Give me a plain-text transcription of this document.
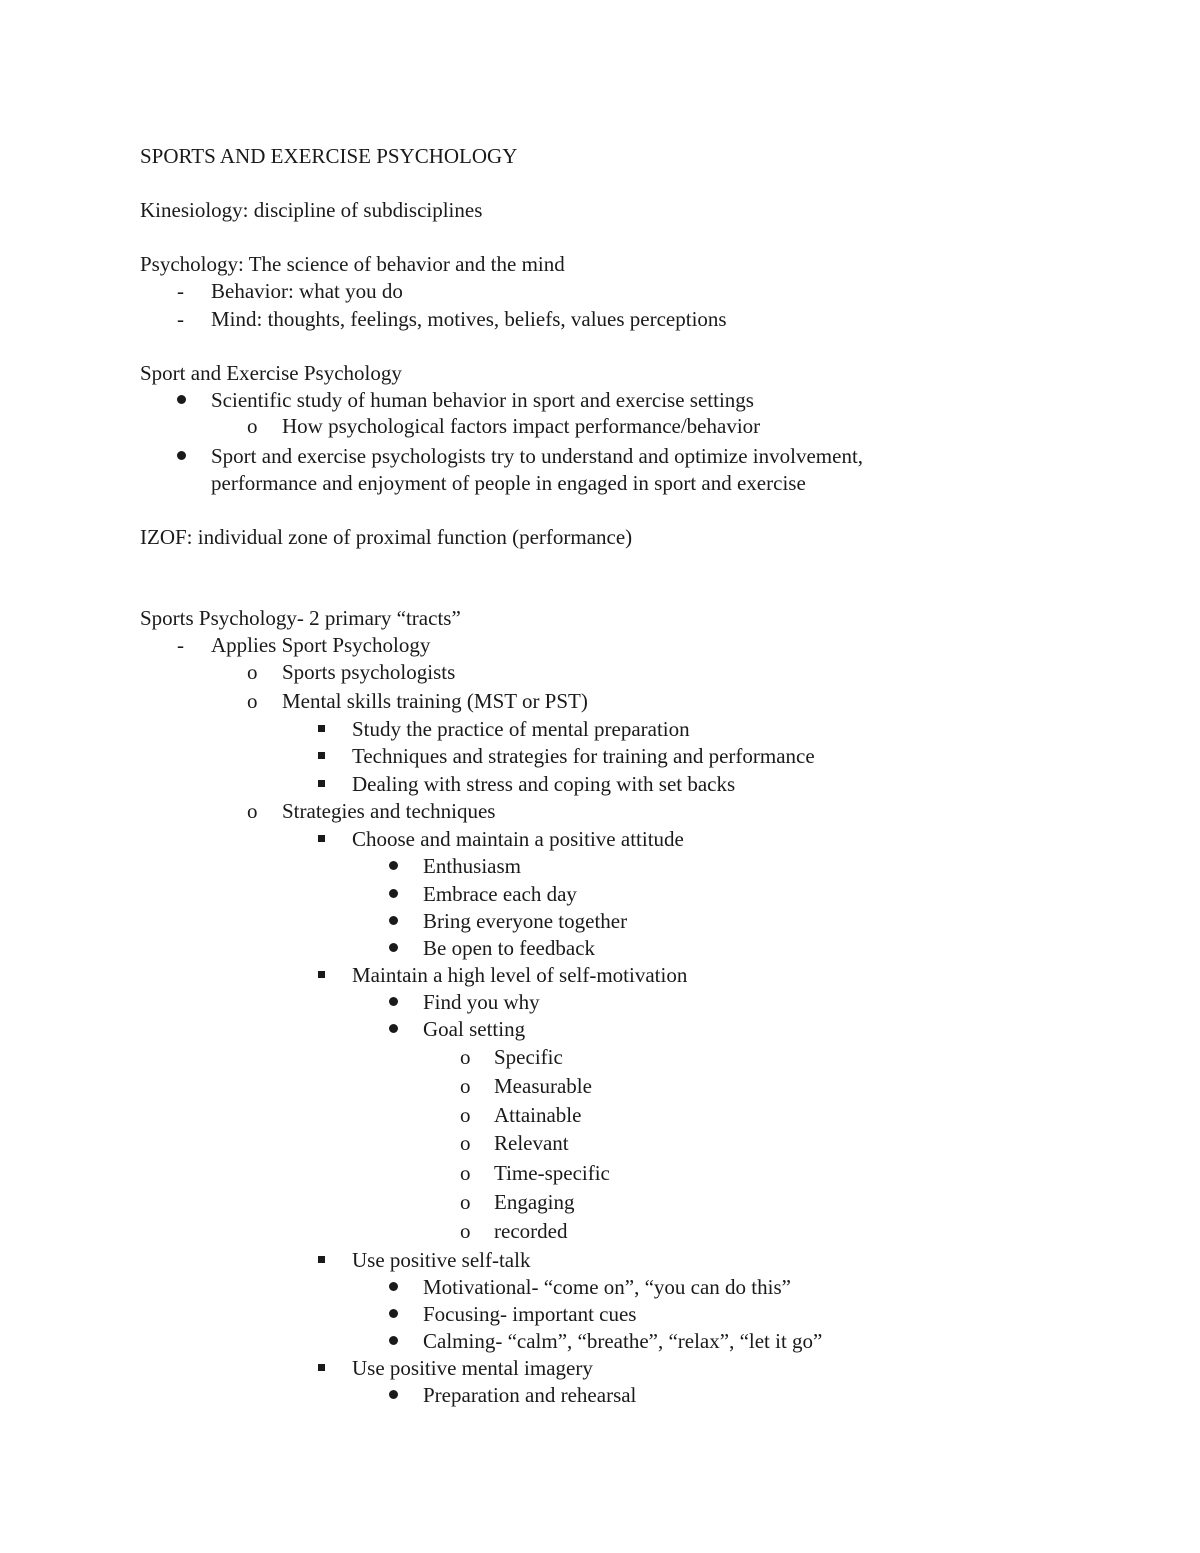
SPORTS AND EXERCISE PSYCHOLOGY
Kinesiology: discipline of subdisciplines
Psychology: The science of behavior and the mind
- Behavior: what you do
- Mind: thoughts, feelings, motives, beliefs, values perceptions
Sport and Exercise Psychology
Scientific study of human behavior in sport and exercise settings
o How psychological factors impact performance/behavior
Sport and exercise psychologists try to understand and optimize involvement,
performance and enjoyment of people in engaged in sport and exercise
IZOF: individual zone of proximal function (performance)
Sports Psychology- 2 primary “tracts”
- Applies Sport Psychology
o Sports psychologists
o Mental skills training (MST or PST)
Study the practice of mental preparation
Techniques and strategies for training and performance
Dealing with stress and coping with set backs
o Strategies and techniques
Choose and maintain a positive attitude
Enthusiasm
Embrace each day
Bring everyone together
Be open to feedback
Maintain a high level of self-motivation
Find you why
Goal setting
o Specific
o Measurable
o Attainable
o Relevant
o Time-specific
o Engaging
o recorded
Use positive self-talk
Motivational- “come on”, “you can do this”
Focusing- important cues
Calming- “calm”, “breathe”, “relax”, “let it go”
Use positive mental imagery
Preparation and rehearsal
